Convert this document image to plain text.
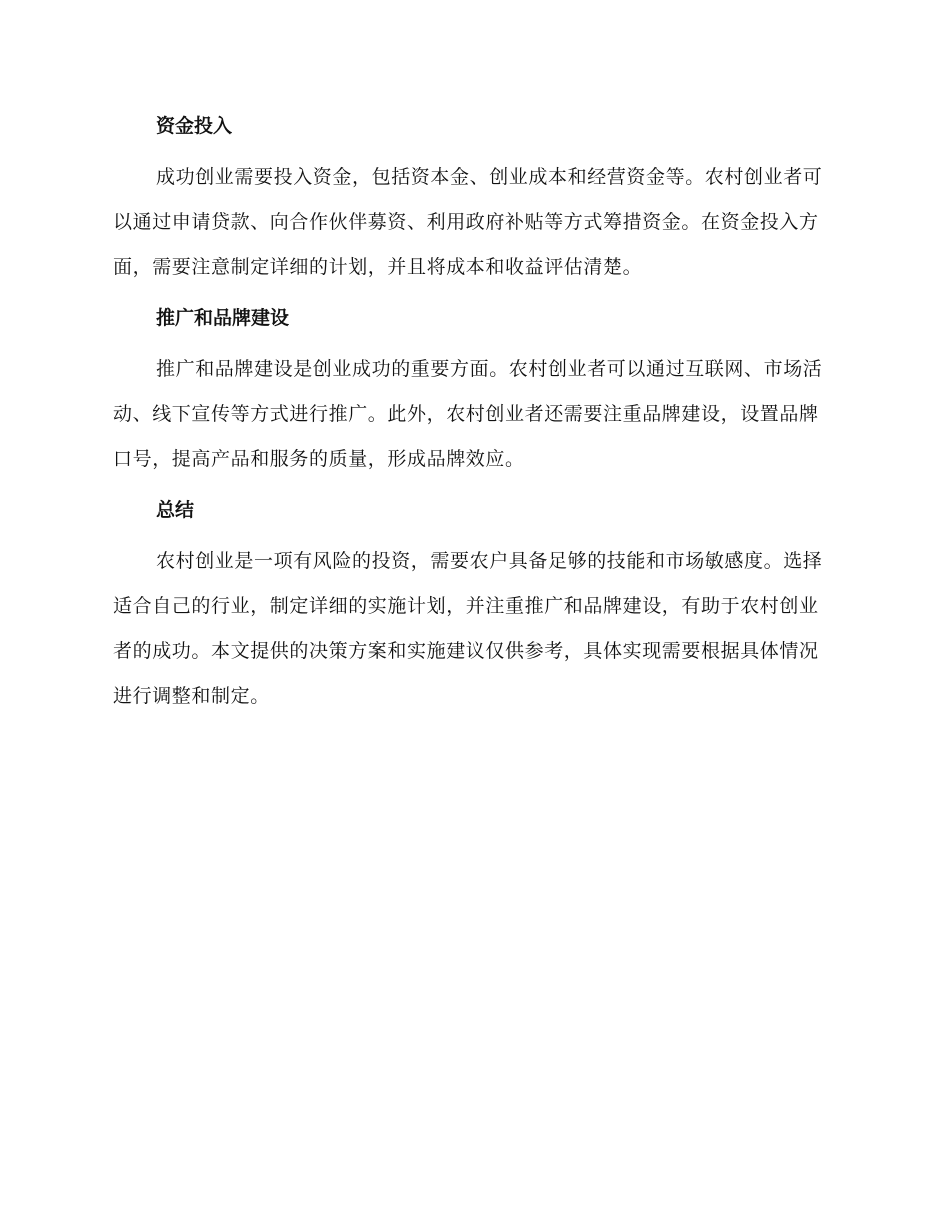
资金投入
成功创业需要投入资金，包括资本金、创业成本和经营资金等。农村创业者可以通过申请贷款、向合作伙伴募资、利用政府补贴等方式筹措资金。在资金投入方面，需要注意制定详细的计划，并且将成本和收益评估清楚。
推广和品牌建设
推广和品牌建设是创业成功的重要方面。农村创业者可以通过互联网、市场活动、线下宣传等方式进行推广。此外，农村创业者还需要注重品牌建设，设置品牌口号，提高产品和服务的质量，形成品牌效应。
总结
农村创业是一项有风险的投资，需要农户具备足够的技能和市场敏感度。选择适合自己的行业，制定详细的实施计划，并注重推广和品牌建设，有助于农村创业者的成功。本文提供的决策方案和实施建议仅供参考，具体实现需要根据具体情况进行调整和制定。
